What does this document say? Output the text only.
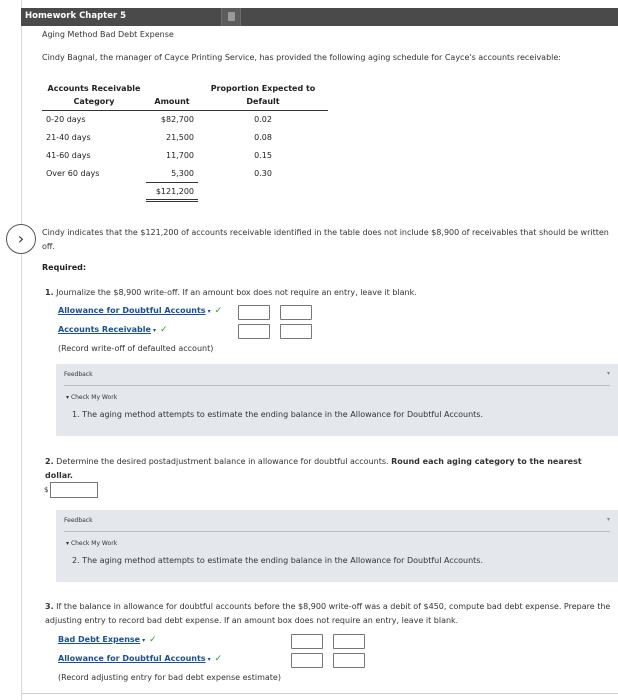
Homework Chapter 5
Aging Method Bad Debt Expense
Cindy Bagnal, the manager of Cayce Printing Service, has provided the following aging schedule for Cayce's accounts receivable:
Accounts Receivable Category	Amount	Proportion Expected to Default
0-20 days	$82,700	0.02
21-40 days	21,500	0.08
41-60 days	11,700	0.15
Over 60 days	5,300	0.30
	$121,200	
›	Cindy indicates that the $121,200 of accounts receivable identified in the table does not include $8,900 of receivables that should be written off.
Required:
1. Journalize the $8,900 write-off. If an amount box does not require an entry, leave it blank.
Allowance for Doubtful Accounts ▾ ✓
Accounts Receivable ▾ ✓
(Record write-off of defaulted account)
Feedback	▾
▾ Check My Work
1. The aging method attempts to estimate the ending balance in the Allowance for Doubtful Accounts.
2. Determine the desired postadjustment balance in allowance for doubtful accounts. Round each aging category to the nearest dollar.
$
Feedback	▾
▾ Check My Work
2. The aging method attempts to estimate the ending balance in the Allowance for Doubtful Accounts.
3. If the balance in allowance for doubtful accounts before the $8,900 write-off was a debit of $450, compute bad debt expense. Prepare the adjusting entry to record bad debt expense. If an amount box does not require an entry, leave it blank.
Bad Debt Expense ▾ ✓
Allowance for Doubtful Accounts ▾ ✓
(Record adjusting entry for bad debt expense estimate)
